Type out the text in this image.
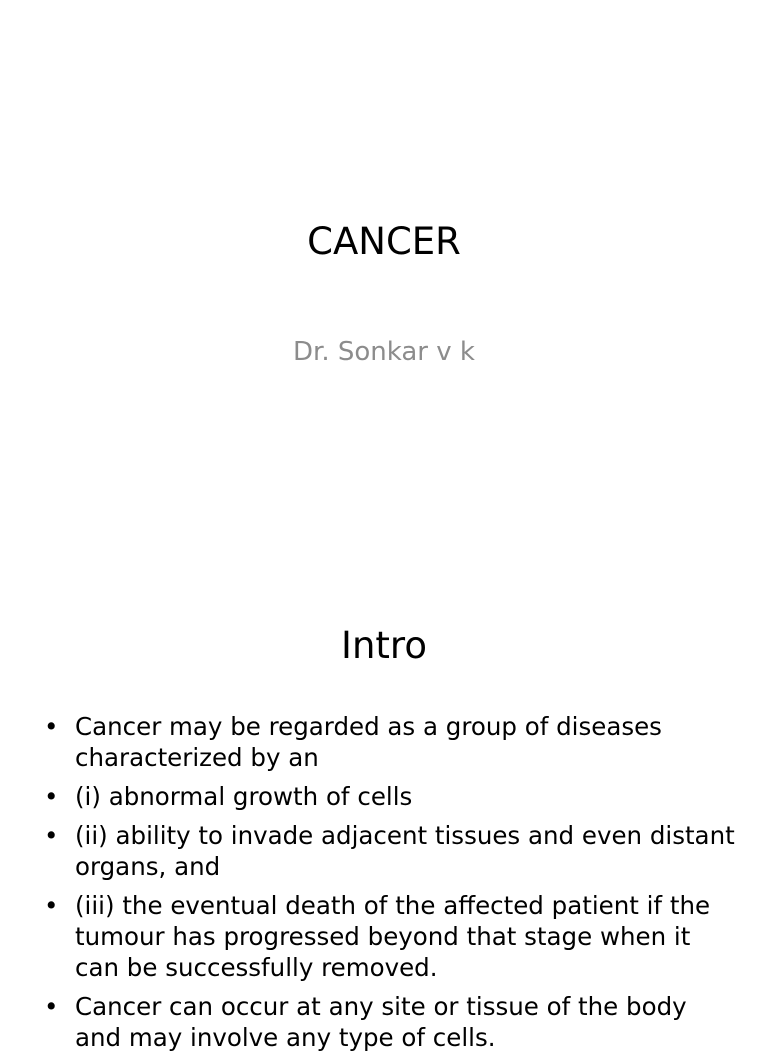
CANCER
Dr. Sonkar v k
Intro
• Cancer may be regarded as a group of diseases characterized by an
• (i) abnormal growth of cells
• (ii) ability to invade adjacent tissues and even distant organs, and
• (iii) the eventual death of the affected patient if the tumour has progressed beyond that stage when it can be successfully removed.
• Cancer can occur at any site or tissue of the body and may involve any type of cells.
